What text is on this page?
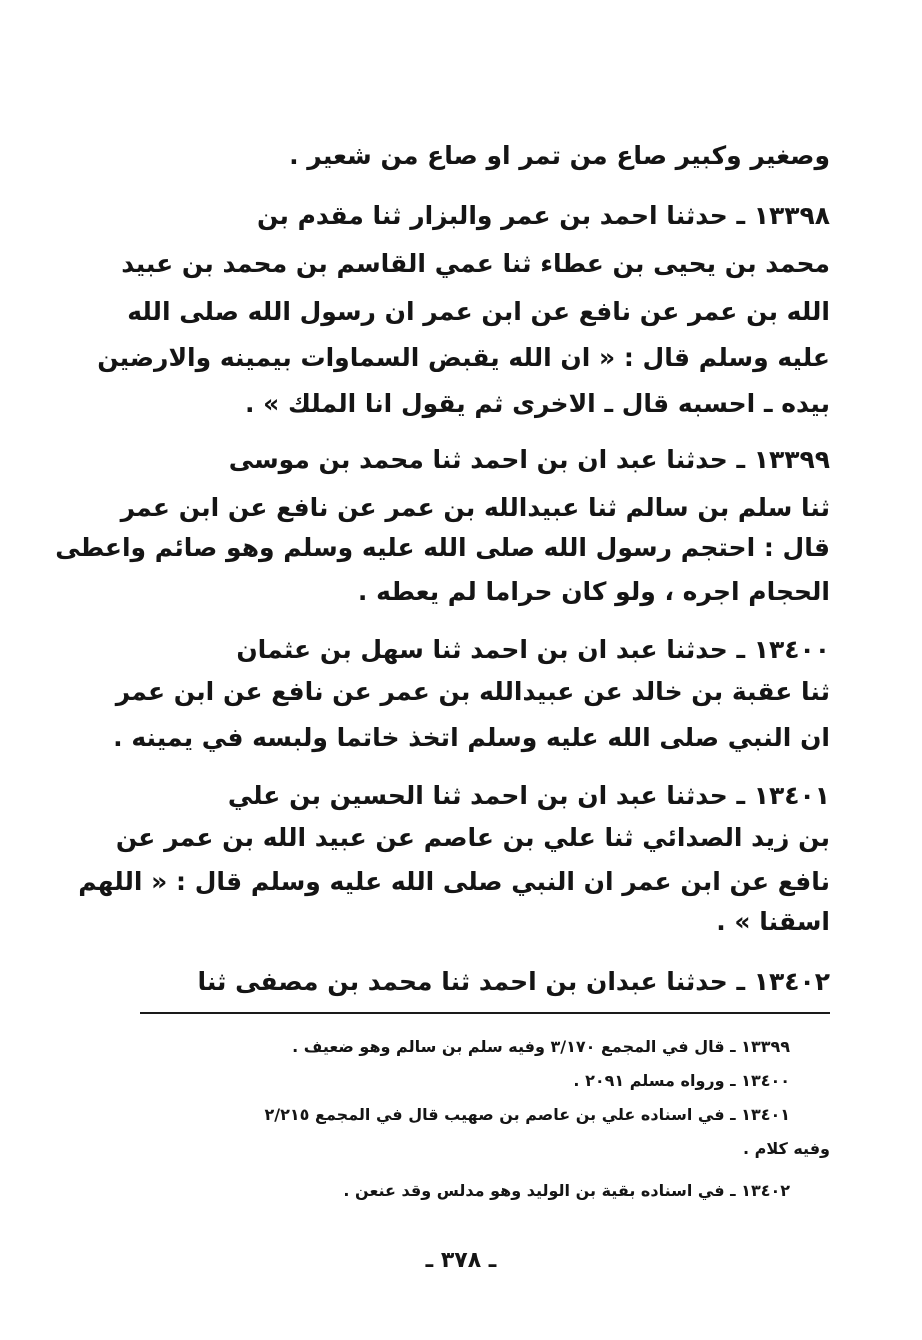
وصغير وكبير صاع من تمر او صاع من شعير .
١٣٣٩٨ ـ حدثنا احمد بن عمر والبزار ثنا مقدم بن
محمد بن يحيى بن عطاء ثنا عمي القاسم بن محمد بن عبيد
الله بن عمر عن نافع عن ابن عمر ان رسول الله صلى الله
عليه وسلم قال : « ان الله يقبض السماوات بيمينه والارضين
بيده ـ احسبه قال ـ الاخرى ثم يقول انا الملك » .
١٣٣٩٩ ـ حدثنا عبد ان بن احمد ثنا محمد بن موسى
ثنا سلم بن سالم ثنا عبيدالله بن عمر عن نافع عن ابن عمر
قال : احتجم رسول الله صلى الله عليه وسلم وهو صائم واعطى
الحجام اجره ، ولو كان حراما لم يعطه .
١٣٤٠٠ ـ حدثنا عبد ان بن احمد ثنا سهل بن عثمان
ثنا عقبة بن خالد عن عبيدالله بن عمر عن نافع عن ابن عمر
ان النبي صلى الله عليه وسلم اتخذ خاتما ولبسه في يمينه .
١٣٤٠١ ـ حدثنا عبد ان بن احمد ثنا الحسين بن علي
بن زيد الصدائي ثنا علي بن عاصم عن عبيد الله بن عمر عن
نافع عن ابن عمر ان النبي صلى الله عليه وسلم قال : « اللهم
اسقنا » .
١٣٤٠٢ ـ حدثنا عبدان بن احمد ثنا محمد بن مصفى ثنا
١٣٣٩٩ ـ قال في المجمع ٣/١٧٠ وفيه سلم بن سالم وهو ضعيف .
١٣٤٠٠ ـ ورواه مسلم ٢٠٩١ .
١٣٤٠١ ـ في اسناده علي بن عاصم بن صهيب قال في المجمع ٢/٢١٥
وفيه كلام .
١٣٤٠٢ ـ في اسناده بقية بن الوليد وهو مدلس وقد عنعن .
ـ ٣٧٨ ـ
